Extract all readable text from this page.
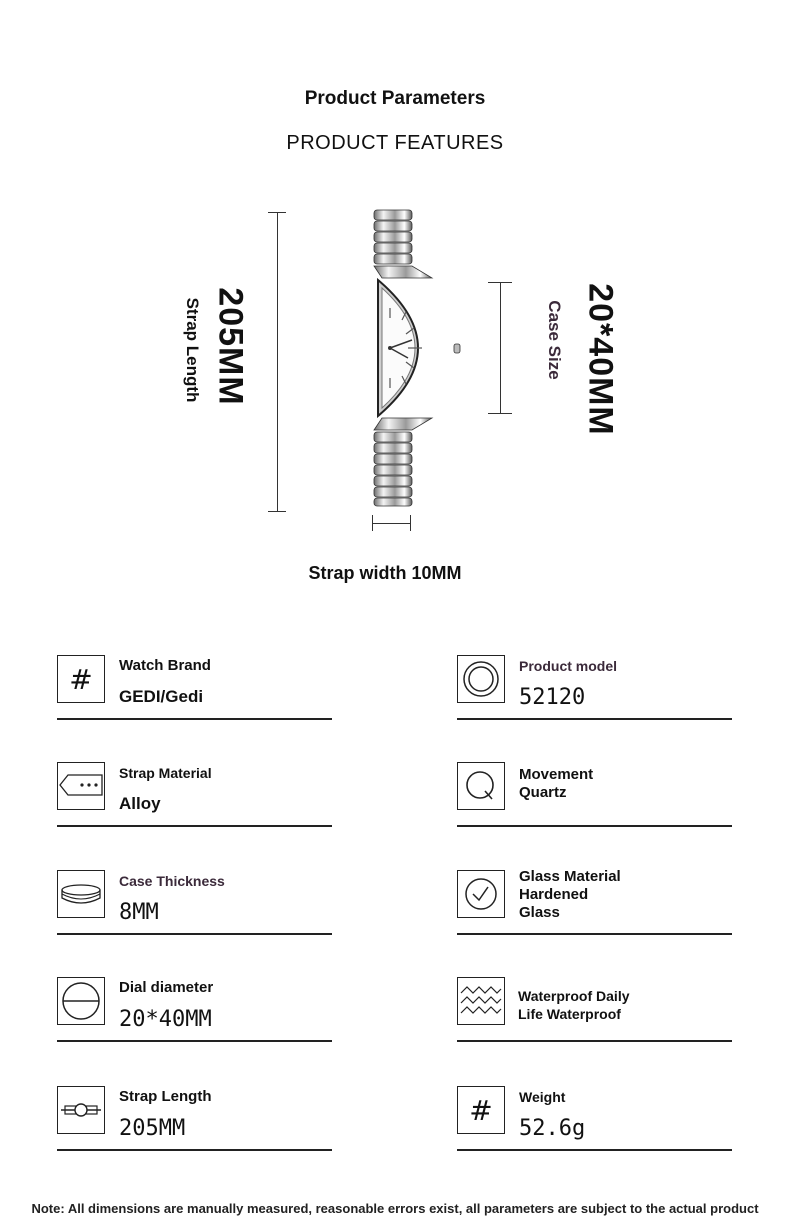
Product Parameters
PRODUCT FEATURES
205MM
Strap Length	20*40MM
Case Size
Strap width 10MM
# Watch Brand
GEDI/Gedi
Product model
52120
Strap Material
Alloy
Movement
Quartz
Case Thickness
8MM
Glass Material
Hardened
Glass
Dial diameter
20*40MM
Waterproof Daily
Life Waterproof
Strap Length
205MM
# Weight
52.6g
Note: All dimensions are manually measured, reasonable errors exist, all parameters are subject to the actual product
